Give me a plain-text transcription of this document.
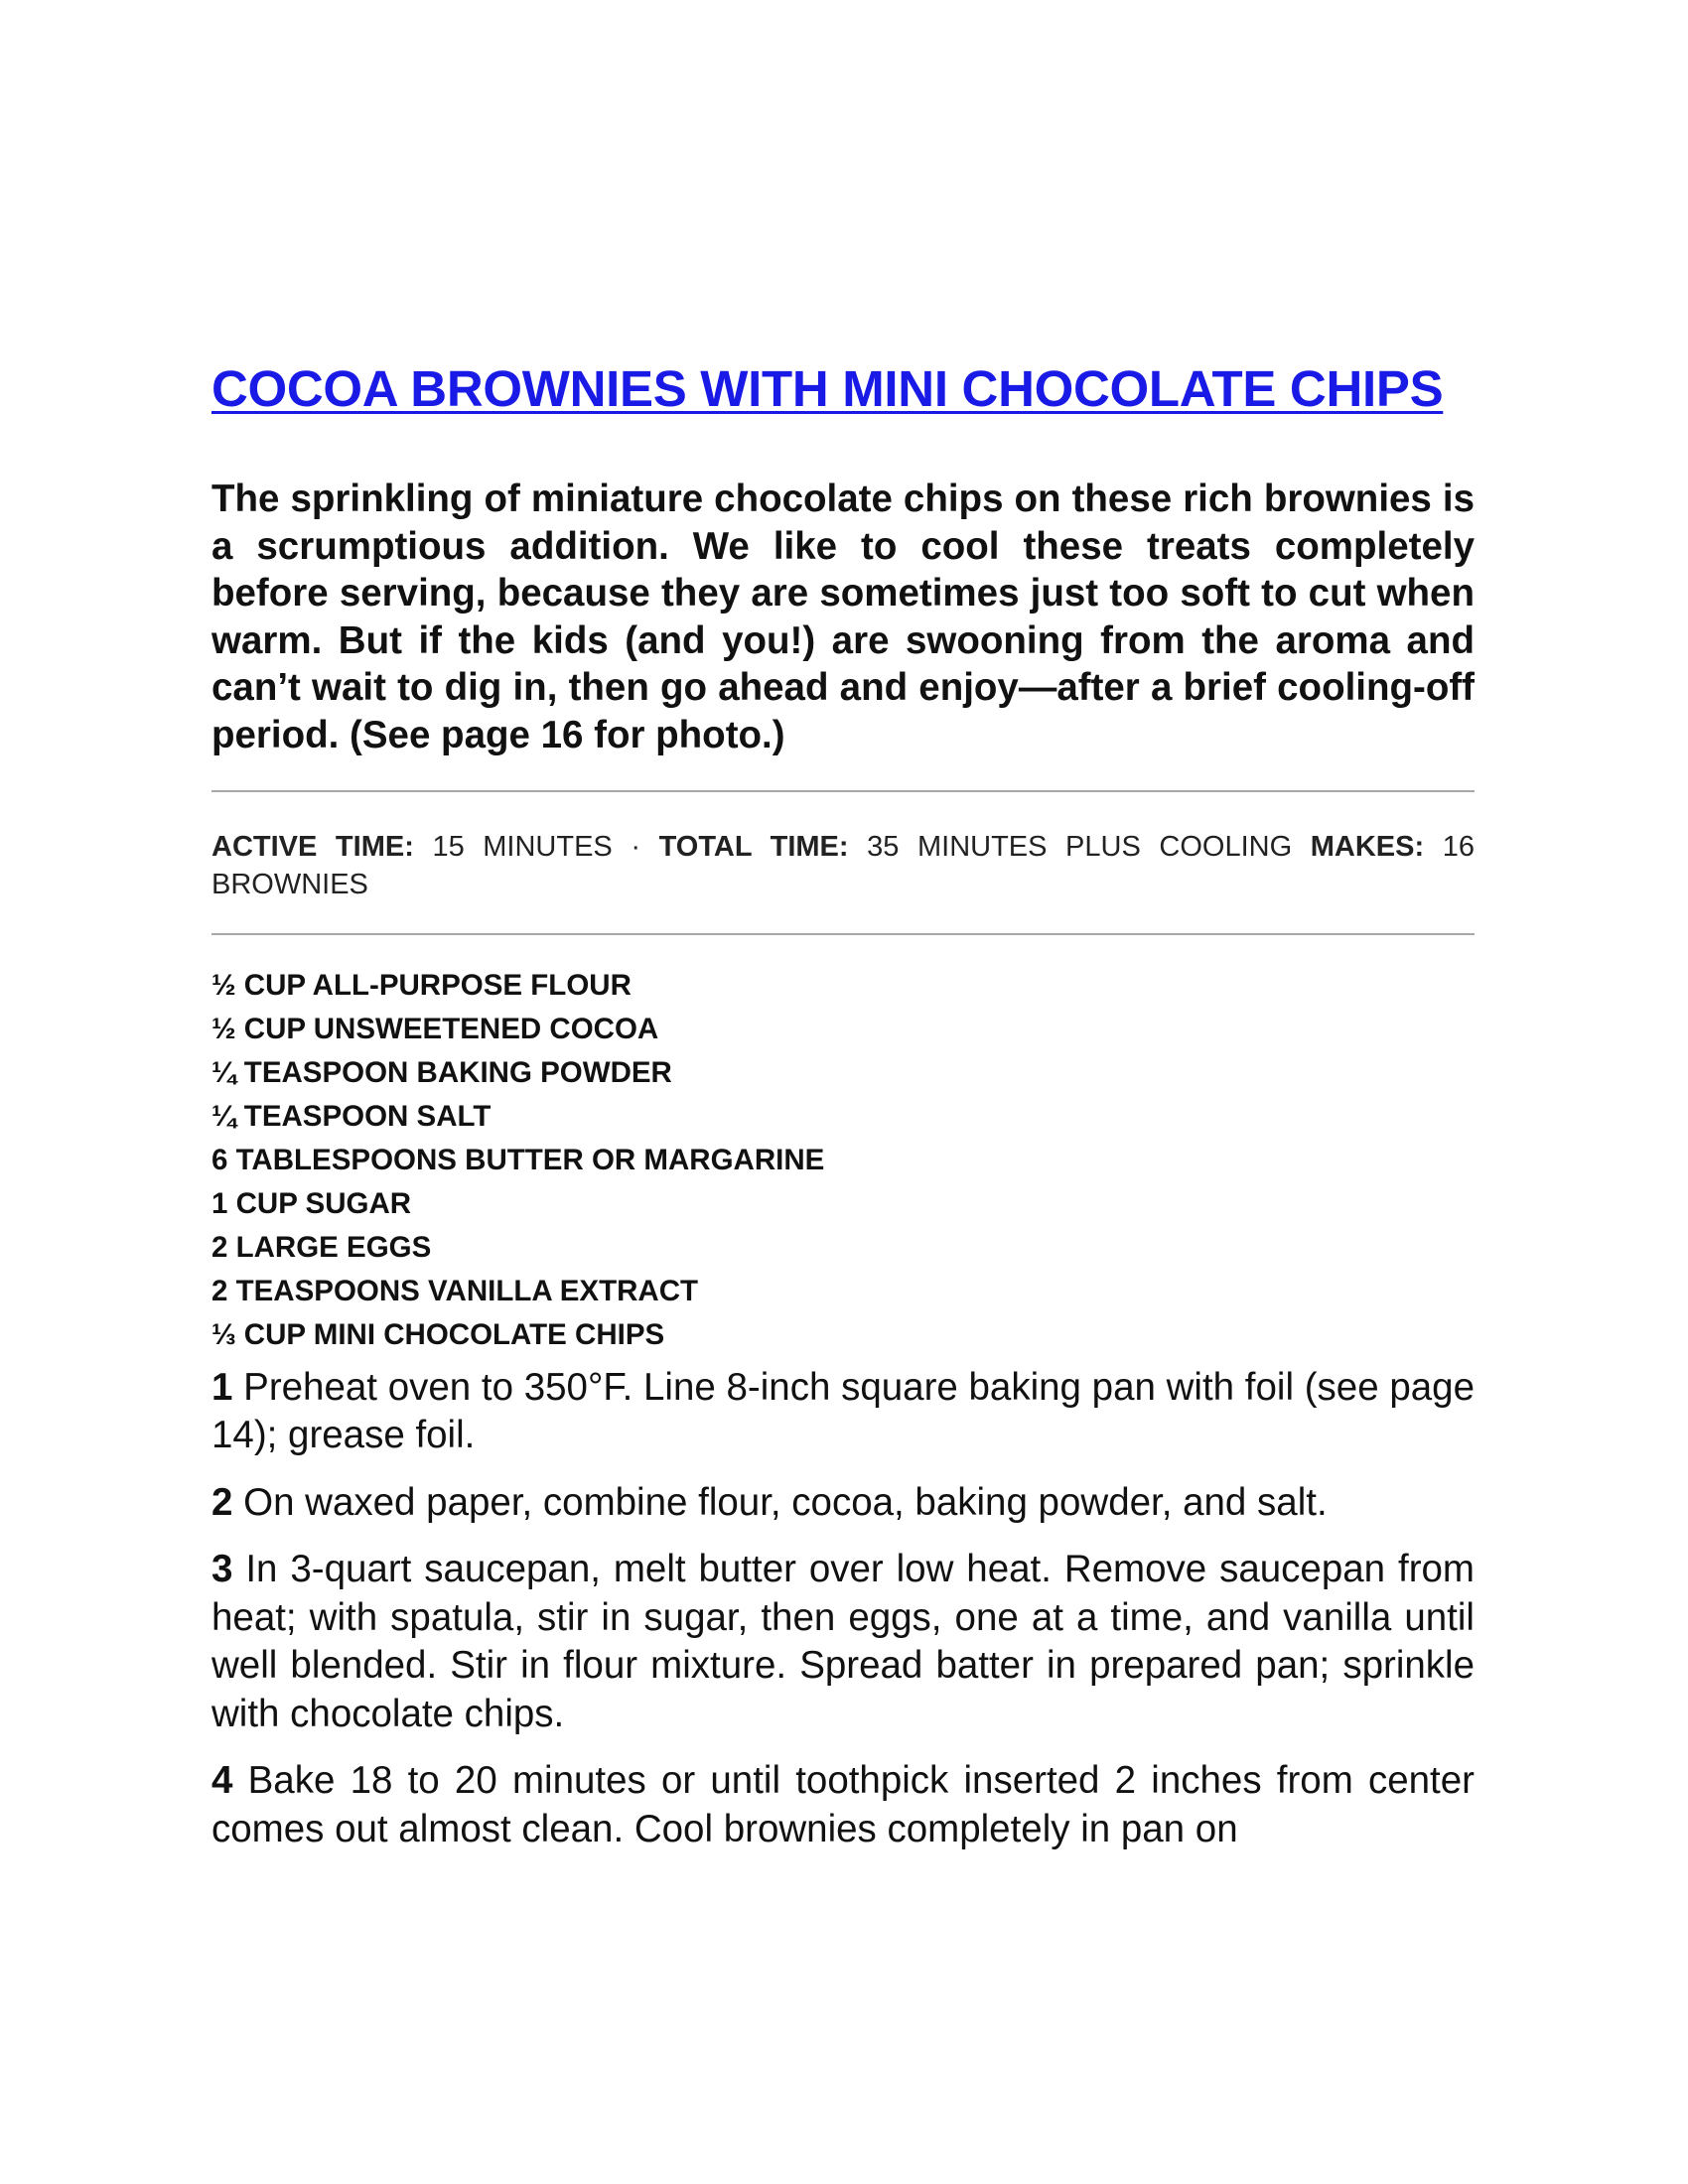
COCOA BROWNIES WITH MINI CHOCOLATE CHIPS

The sprinkling of miniature chocolate chips on these rich brownies is a scrumptious addition. We like to cool these treats completely before serving, because they are sometimes just too soft to cut when warm. But if the kids (and you!) are swooning from the aroma and can’t wait to dig in, then go ahead and enjoy—after a brief cooling-off period. (See page 16 for photo.)

ACTIVE TIME: 15 MINUTES · TOTAL TIME: 35 MINUTES PLUS COOLING MAKES: 16 BROWNIES

½ CUP ALL-PURPOSE FLOUR
½ CUP UNSWEETENED COCOA
¼ TEASPOON BAKING POWDER
¼ TEASPOON SALT
6 TABLESPOONS BUTTER OR MARGARINE
1 CUP SUGAR
2 LARGE EGGS
2 TEASPOONS VANILLA EXTRACT
⅓ CUP MINI CHOCOLATE CHIPS

1 Preheat oven to 350°F. Line 8-inch square baking pan with foil (see page 14); grease foil.

2 On waxed paper, combine flour, cocoa, baking powder, and salt.

3 In 3-quart saucepan, melt butter over low heat. Remove saucepan from heat; with spatula, stir in sugar, then eggs, one at a time, and vanilla until well blended. Stir in flour mixture. Spread batter in prepared pan; sprinkle with chocolate chips.

4 Bake 18 to 20 minutes or until toothpick inserted 2 inches from center comes out almost clean. Cool brownies completely in pan on
